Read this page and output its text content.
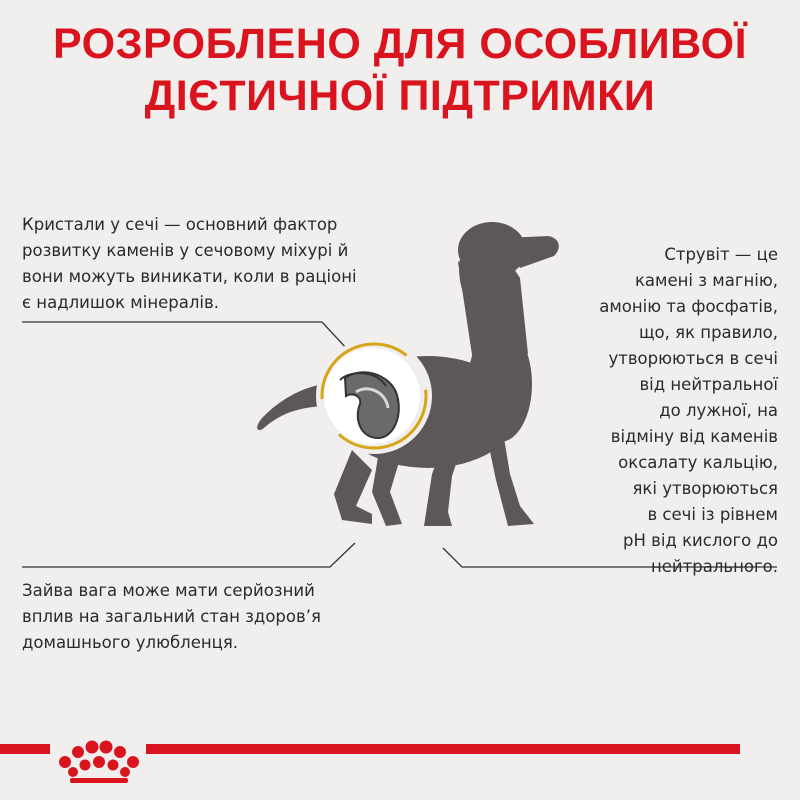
РОЗРОБЛЕНО ДЛЯ ОСОБЛИВОЇ
ДІЄТИЧНОЇ ПІДТРИМКИ
Кристали у сечі — основний фактор
розвитку каменів у сечовому міхурі й
вони можуть виникати, коли в раціоні
є надлишок мінералів.
Струвіт — це
камені з магнію,
амонію та фосфатів,
що, як правило,
утворюються в сечі
від нейтральної
до лужної, на
відміну від каменів
оксалату кальцію,
які утворюються
в сечі із рівнем
pH від кислого до
нейтрального.
Зайва вага може мати серйозний
вплив на загальний стан здоров’я
домашнього улюбленця.
